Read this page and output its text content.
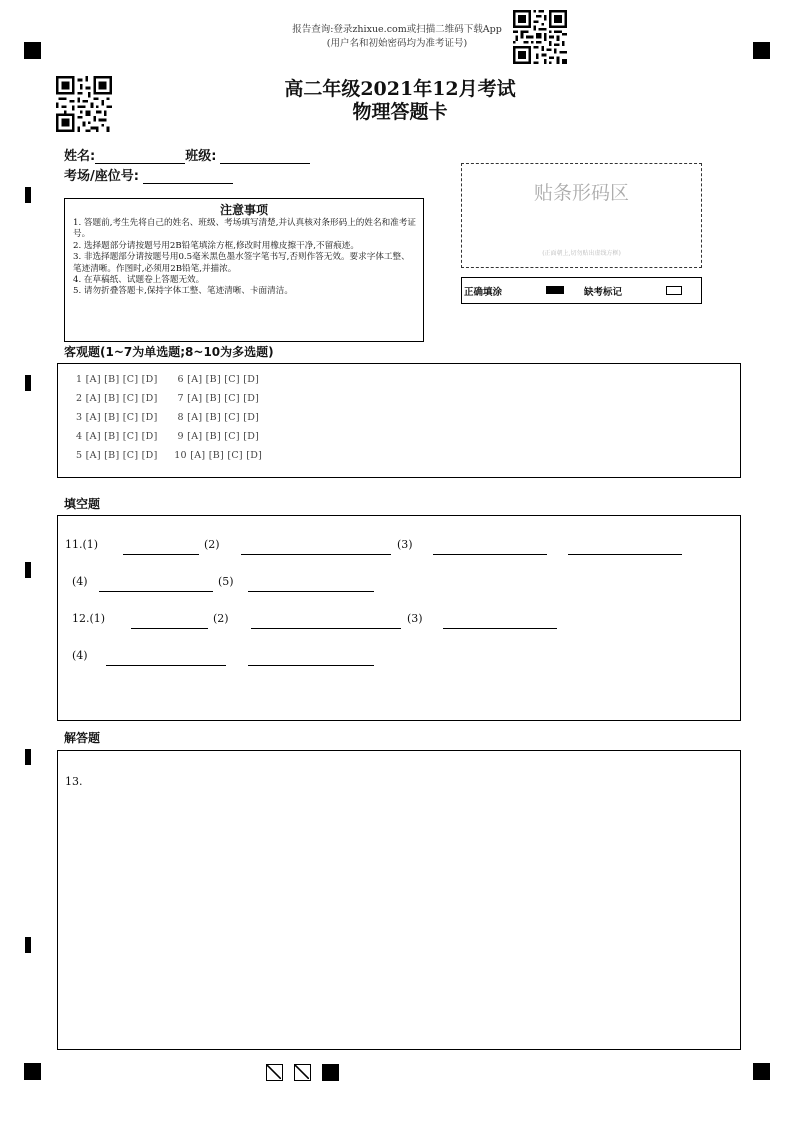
报告查询:登录zhixue.com或扫描二维码下载App
(用户名和初始密码均为准考证号)
高二年级2021年12月考试
物理答题卡
姓名:	班级:
考场/座位号:
注意事项
1. 答题前,考生先将自己的姓名、班级、考场填写清楚,并认真核对条形码上的姓名和准考证号。
2. 选择题部分请按题号用2B铅笔填涂方框,修改时用橡皮擦干净,不留痕迹。
3. 非选择题部分请按题号用0.5毫米黑色墨水签字笔书写,否则作答无效。要求字体工整、笔迹清晰。作图时,必须用2B铅笔,并描浓。
4. 在草稿纸、试题卷上答题无效。
5. 请勿折叠答题卡,保持字体工整、笔迹清晰、卡面清洁。
贴条形码区
(正面朝上,切勿贴出虚线方框)
正确填涂	缺考标记
客观题(1~7为单选题;8~10为多选题)
1 [A] [B] [C] [D]      6 [A] [B] [C] [D]
2 [A] [B] [C] [D]      7 [A] [B] [C] [D]
3 [A] [B] [C] [D]      8 [A] [B] [C] [D]
4 [A] [B] [C] [D]      9 [A] [B] [C] [D]
5 [A] [B] [C] [D]     10 [A] [B] [C] [D]
填空题
11.(1)	(2)	(3)
(4)	(5)
12.(1)	(2)	(3)
(4)
解答题
13.
